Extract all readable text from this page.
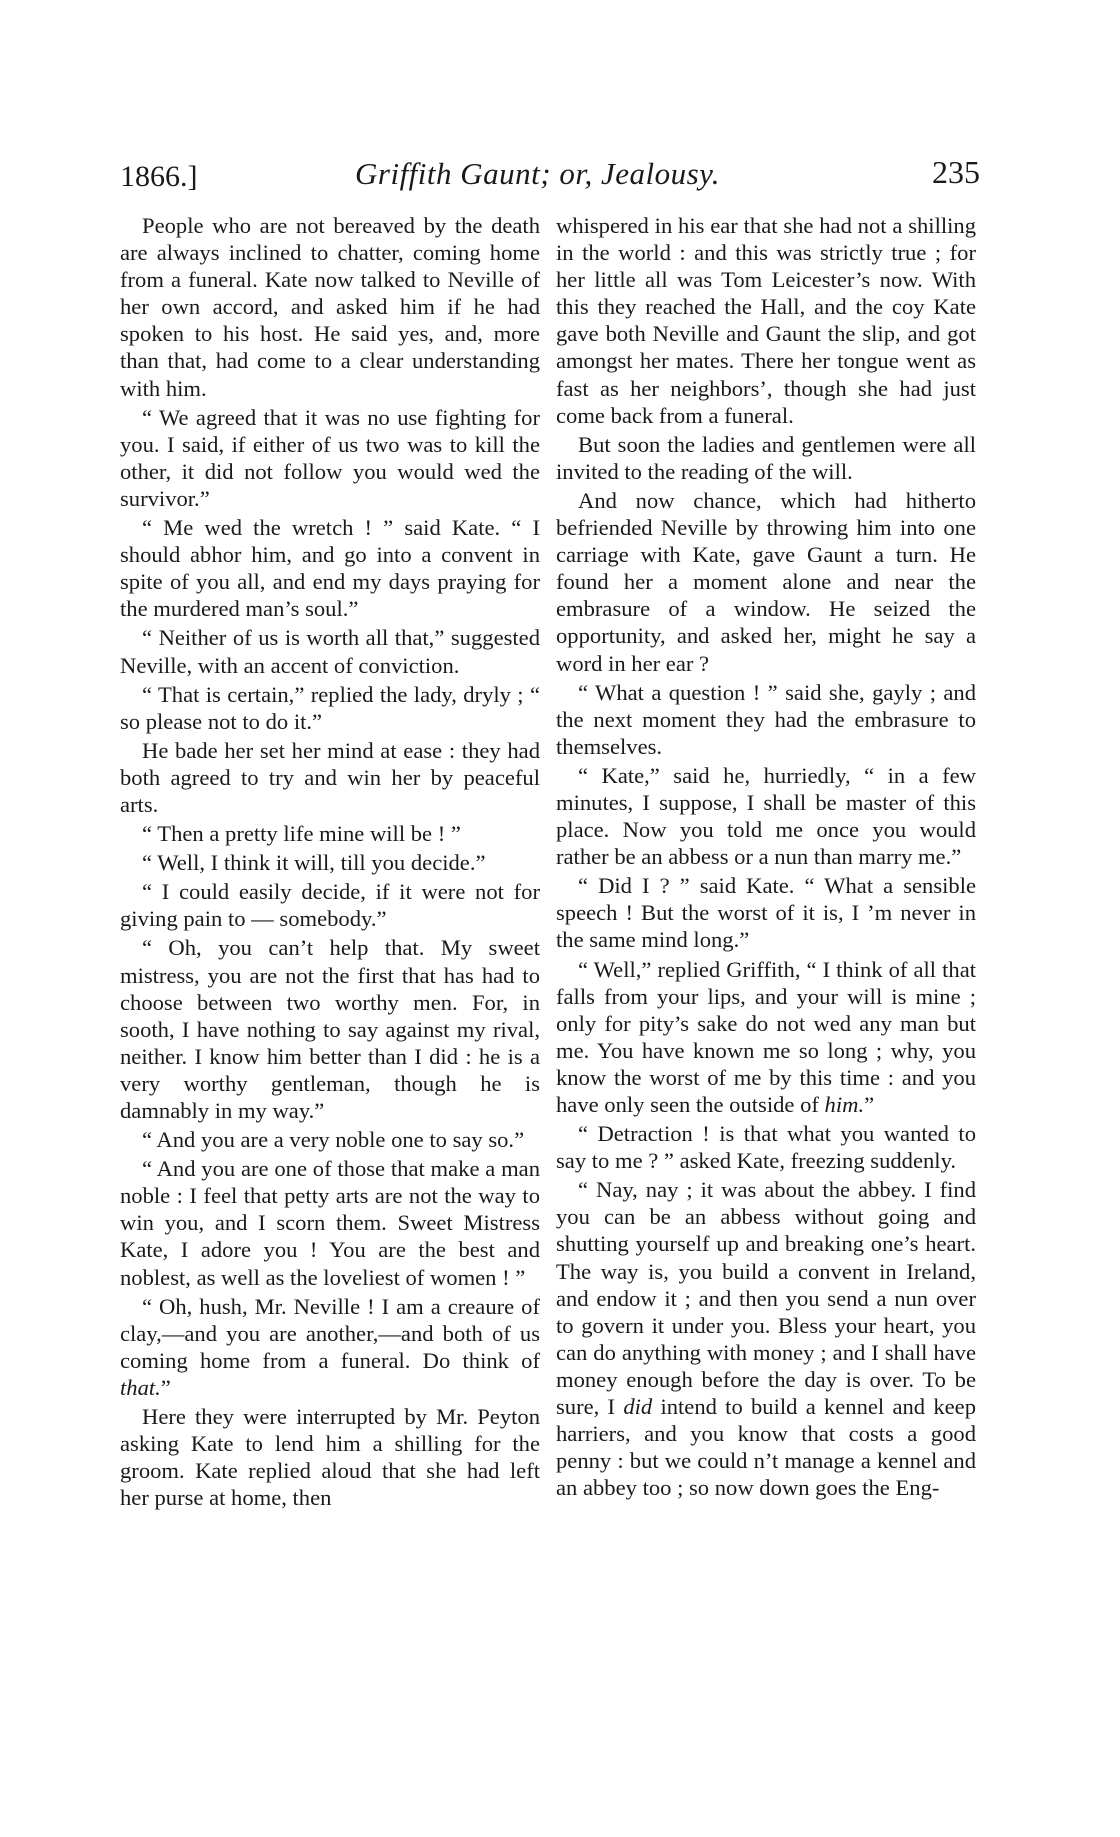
1866.]	Griffith Gaunt; or, Jealousy.	235

People who are not bereaved by the death are always inclined to chatter, coming home from a funeral. Kate now talked to Neville of her own accord, and asked him if he had spoken to his host. He said yes, and, more than that, had come to a clear understanding with him.

“ We agreed that it was no use fighting for you. I said, if either of us two was to kill the other, it did not follow you would wed the survivor.”

“ Me wed the wretch ! ” said Kate. “ I should abhor him, and go into a convent in spite of you all, and end my days praying for the murdered man’s soul.”

“ Neither of us is worth all that,” suggested Neville, with an accent of conviction.

“ That is certain,” replied the lady, dryly ; “ so please not to do it.”

He bade her set her mind at ease : they had both agreed to try and win her by peaceful arts.

“ Then a pretty life mine will be ! ”

“ Well, I think it will, till you decide.”

“ I could easily decide, if it were not for giving pain to — somebody.”

“ Oh, you can’t help that. My sweet mistress, you are not the first that has had to choose between two worthy men. For, in sooth, I have nothing to say against my rival, neither. I know him better than I did : he is a very worthy gentleman, though he is damnably in my way.”

“ And you are a very noble one to say so.”

“ And you are one of those that make a man noble : I feel that petty arts are not the way to win you, and I scorn them. Sweet Mistress Kate, I adore you ! You are the best and noblest, as well as the loveliest of women ! ”

“ Oh, hush, Mr. Neville ! I am a creaure of clay,—and you are another,—and both of us coming home from a funeral. Do think of that.”

Here they were interrupted by Mr. Peyton asking Kate to lend him a shilling for the groom. Kate replied aloud that she had left her purse at home, then

whispered in his ear that she had not a shilling in the world : and this was strictly true ; for her little all was Tom Leicester’s now. With this they reached the Hall, and the coy Kate gave both Neville and Gaunt the slip, and got amongst her mates. There her tongue went as fast as her neighbors’, though she had just come back from a funeral.

But soon the ladies and gentlemen were all invited to the reading of the will.

And now chance, which had hitherto befriended Neville by throwing him into one carriage with Kate, gave Gaunt a turn. He found her a moment alone and near the embrasure of a window. He seized the opportunity, and asked her, might he say a word in her ear ?

“ What a question ! ” said she, gayly ; and the next moment they had the embrasure to themselves.

“ Kate,” said he, hurriedly, “ in a few minutes, I suppose, I shall be master of this place. Now you told me once you would rather be an abbess or a nun than marry me.”

“ Did I ? ” said Kate. “ What a sensible speech ! But the worst of it is, I ’m never in the same mind long.”

“ Well,” replied Griffith, “ I think of all that falls from your lips, and your will is mine ; only for pity’s sake do not wed any man but me. You have known me so long ; why, you know the worst of me by this time : and you have only seen the outside of him.”

“ Detraction ! is that what you wanted to say to me ? ” asked Kate, freezing suddenly.

“ Nay, nay ; it was about the abbey. I find you can be an abbess without going and shutting yourself up and breaking one’s heart. The way is, you build a convent in Ireland, and endow it ; and then you send a nun over to govern it under you. Bless your heart, you can do anything with money ; and I shall have money enough before the day is over. To be sure, I did intend to build a kennel and keep harriers, and you know that costs a good penny : but we could n’t manage a kennel and an abbey too ; so now down goes the Eng-
